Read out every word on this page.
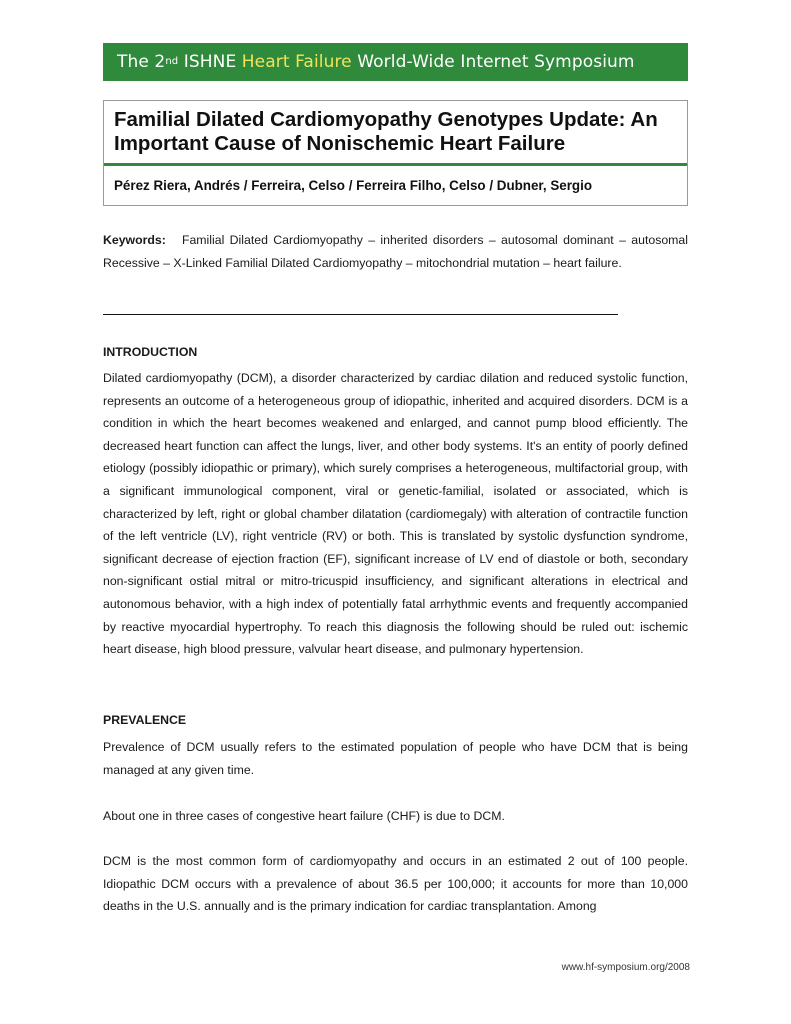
The 2 nd ISHNE Heart Failure World-Wide Internet Symposium
Familial Dilated Cardiomyopathy Genotypes Update: An Important Cause of Nonischemic Heart Failure
Pérez Riera, Andrés / Ferreira, Celso / Ferreira Filho, Celso / Dubner, Sergio

Keywords: Familial Dilated Cardiomyopathy – inherited disorders – autosomal dominant – autosomal Recessive – X-Linked Familial Dilated Cardiomyopathy – mitochondrial mutation – heart failure.

INTRODUCTION

Dilated cardiomyopathy (DCM), a disorder characterized by cardiac dilation and reduced systolic function, represents an outcome of a heterogeneous group of idiopathic, inherited and acquired disorders. DCM is a condition in which the heart becomes weakened and enlarged, and cannot pump blood efficiently. The decreased heart function can affect the lungs, liver, and other body systems. It's an entity of poorly defined etiology (possibly idiopathic or primary), which surely comprises a heterogeneous, multifactorial group, with a significant immunological component, viral or genetic-familial, isolated or associated, which is characterized by left, right or global chamber dilatation (cardiomegaly) with alteration of contractile function of the left ventricle (LV), right ventricle (RV) or both. This is translated by systolic dysfunction syndrome, significant decrease of ejection fraction (EF), significant increase of LV end of diastole or both, secondary non-significant ostial mitral or mitro-tricuspid insufficiency, and significant alterations in electrical and autonomous behavior, with a high index of potentially fatal arrhythmic events and frequently accompanied by reactive myocardial hypertrophy. To reach this diagnosis the following should be ruled out: ischemic heart disease, high blood pressure, valvular heart disease, and pulmonary hypertension.

PREVALENCE

Prevalence of DCM usually refers to the estimated population of people who have DCM that is being managed at any given time.

About one in three cases of congestive heart failure (CHF) is due to DCM.

DCM is the most common form of cardiomyopathy and occurs in an estimated 2 out of 100 people. Idiopathic DCM occurs with a prevalence of about 36.5 per 100,000; it accounts for more than 10,000 deaths in the U.S. annually and is the primary indication for cardiac transplantation. Among

www.hf-symposium.org/2008
